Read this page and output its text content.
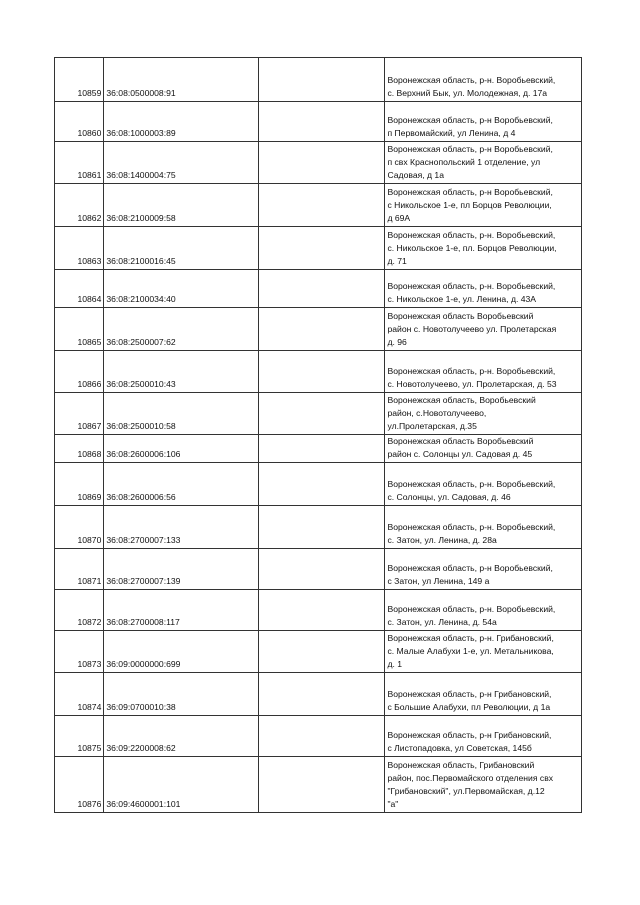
10859	36:08:0500008:91		Воронежская область, р-н. Воробьевский,
с. Верхний Бык, ул. Молодежная, д. 17а

10860	36:08:1000003:89		Воронежская область, р-н Воробьевский,
п Первомайский, ул Ленина, д 4

10861	36:08:1400004:75		Воронежская область, р-н Воробьевский,
п свх Краснопольский 1 отделение, ул
Садовая, д 1а

10862	36:08:2100009:58		Воронежская область, р-н Воробьевский,
с Никольское 1-е, пл Борцов Революции,
д 69А

10863	36:08:2100016:45		Воронежская область, р-н. Воробьевский,
с. Никольское 1-е, пл. Борцов Революции,
д. 71

10864	36:08:2100034:40		Воронежская область, р-н. Воробьевский,
с. Никольское 1-е, ул. Ленина, д. 43А

10865	36:08:2500007:62		Воронежская область Воробьевский
район с. Новотолучеево ул. Пролетарская
д. 96

10866	36:08:2500010:43		Воронежская область, р-н. Воробьевский,
с. Новотолучеево, ул. Пролетарская, д. 53

10867	36:08:2500010:58		Воронежская область, Воробьевский
район, с.Новотолучеево,
ул.Пролетарская, д.35

10868	36:08:2600006:106		Воронежская область Воробьевский
район с. Солонцы ул. Садовая д. 45

10869	36:08:2600006:56		Воронежская область, р-н. Воробьевский,
с. Солонцы, ул. Садовая, д. 46

10870	36:08:2700007:133		Воронежская область, р-н. Воробьевский,
с. Затон, ул. Ленина, д. 28а

10871	36:08:2700007:139		Воронежская область, р-н Воробьевский,
с Затон, ул Ленина, 149 а

10872	36:08:2700008:117		Воронежская область, р-н. Воробьевский,
с. Затон, ул. Ленина, д. 54а

10873	36:09:0000000:699		Воронежская область, р-н. Грибановский,
с. Малые Алабухи 1-е, ул. Метальникова,
д. 1

10874	36:09:0700010:38		Воронежская область, р-н Грибановский,
с Большие Алабухи, пл Революции, д 1а

10875	36:09:2200008:62		Воронежская область, р-н Грибановский,
с Листопадовка, ул Советская, 145б

10876	36:09:4600001:101		Воронежская область, Грибановский
район, пос.Первомайского отделения свх
"Грибановский", ул.Первомайская, д.12
"а"
